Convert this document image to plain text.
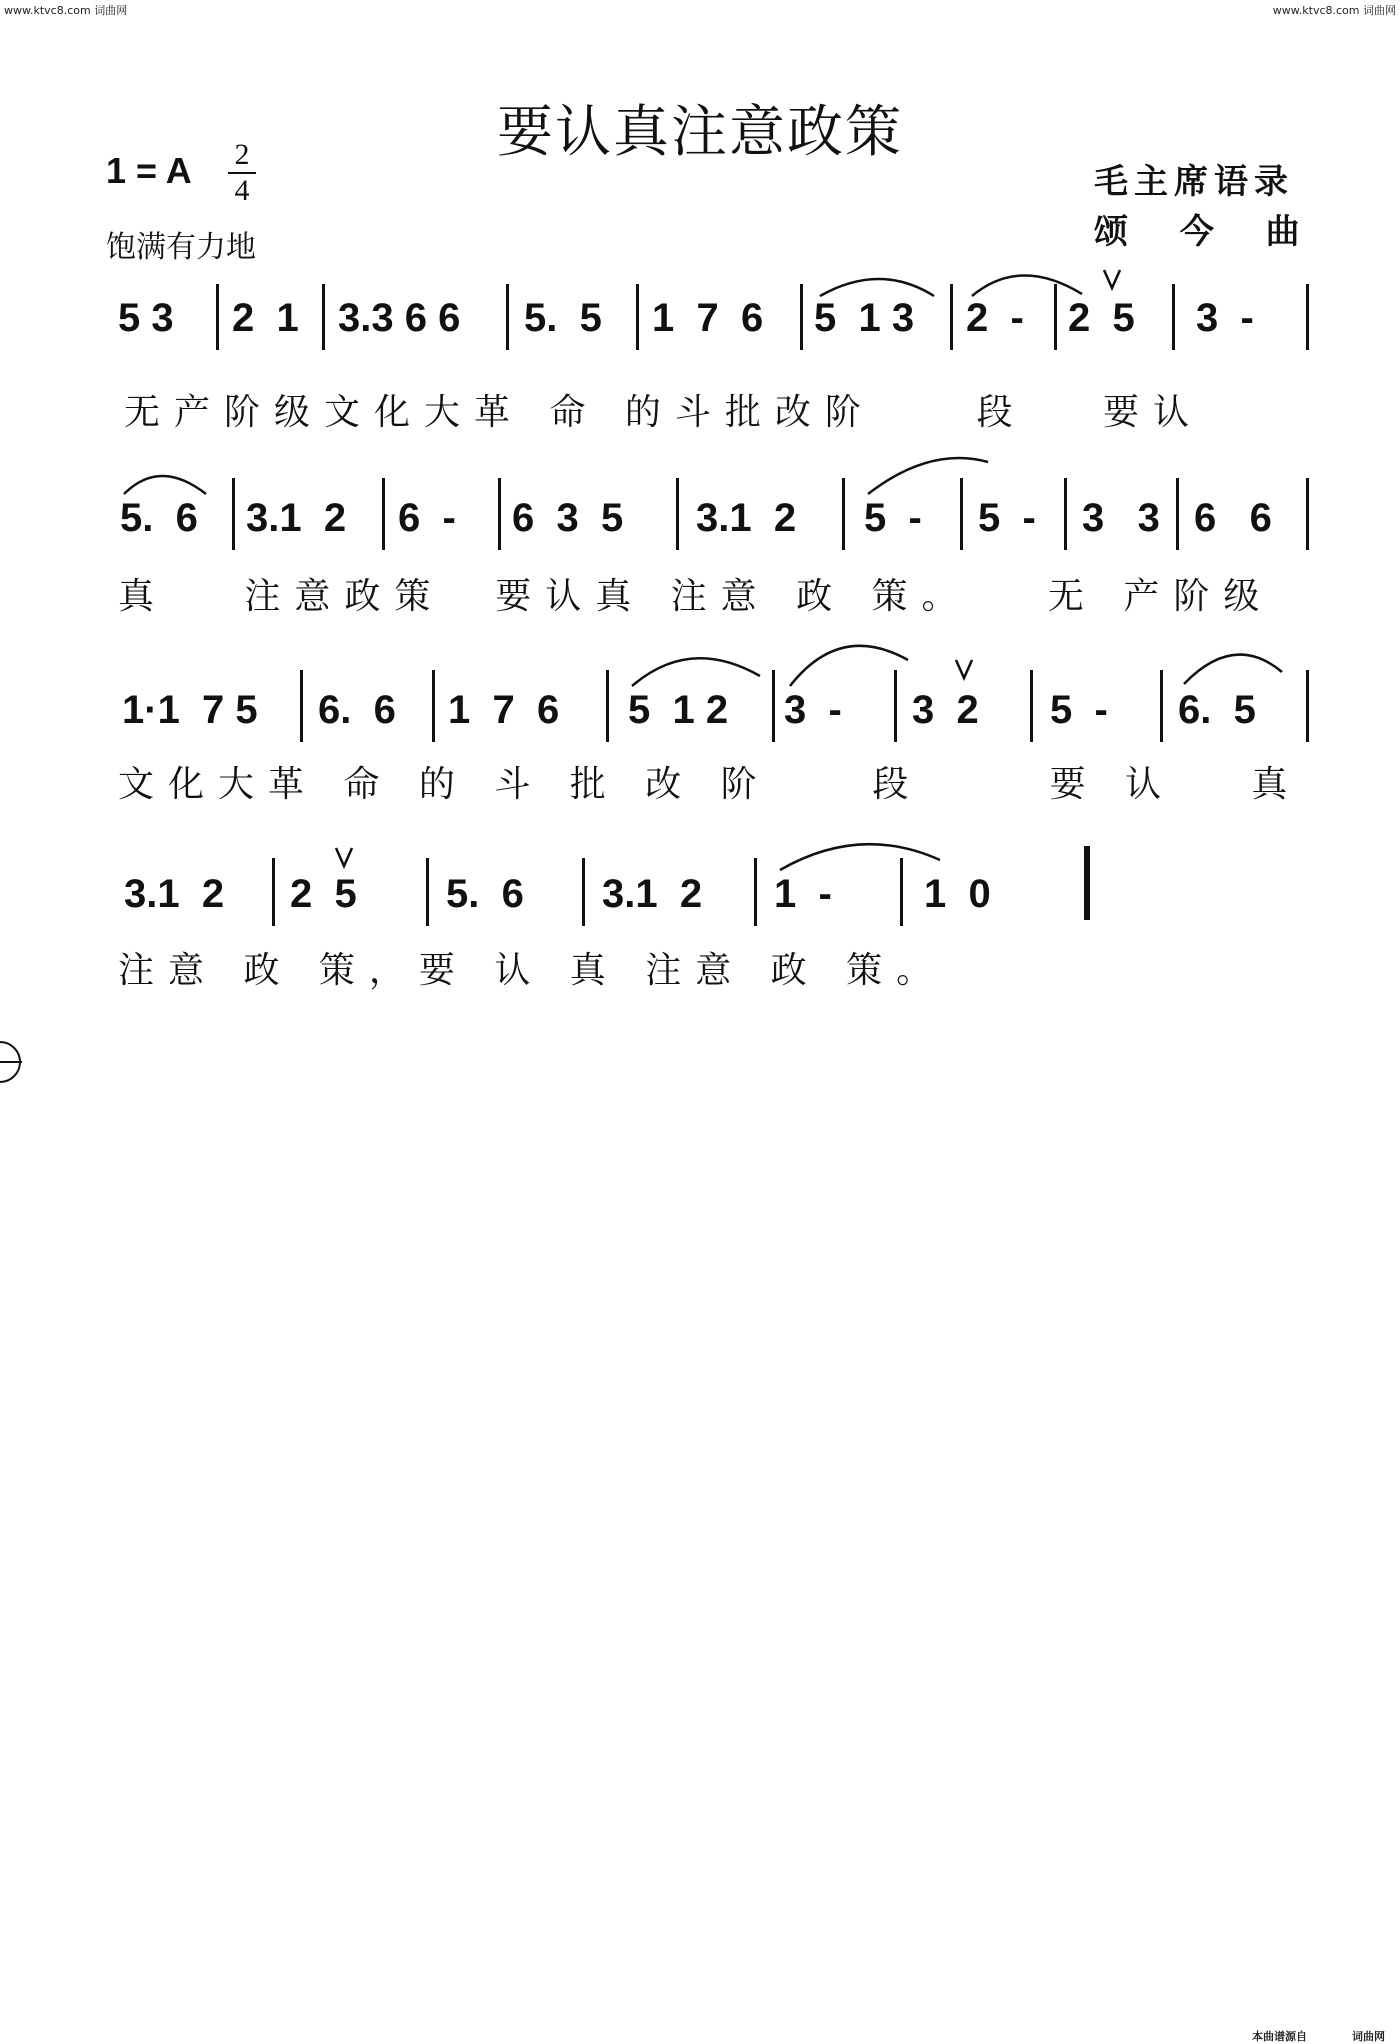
www.ktvc8.com 词曲网	www.ktvc8.com 词曲网
要认真注意政策
1 = A 2
4
饱满有力地
毛主席语录
颂 今 曲
5 3 2  1 3.3 6 6 5.  5 1  7  6 5  1 3 2  - 2  5 3  -
无产阶级文化大革 命 的斗批改阶    段   要认
5.  6 3.1  2 6  - 6  3  5 3.1  2 5  - 5  - 3   3 6   6
真   注意政策  要认真 注意 政 策。   无 产阶级
1·1  7 5 6.  6 1  7  6 5  1 2 3  - 3  2 5  - 6.  5
文化大革 命 的 斗 批 改 阶    段     要 认   真
3.1  2 2  5 5.  6 3.1  2 1  - 1  0
注意 政 策，要 认 真 注意 政 策。
本曲谱源自	词曲网
